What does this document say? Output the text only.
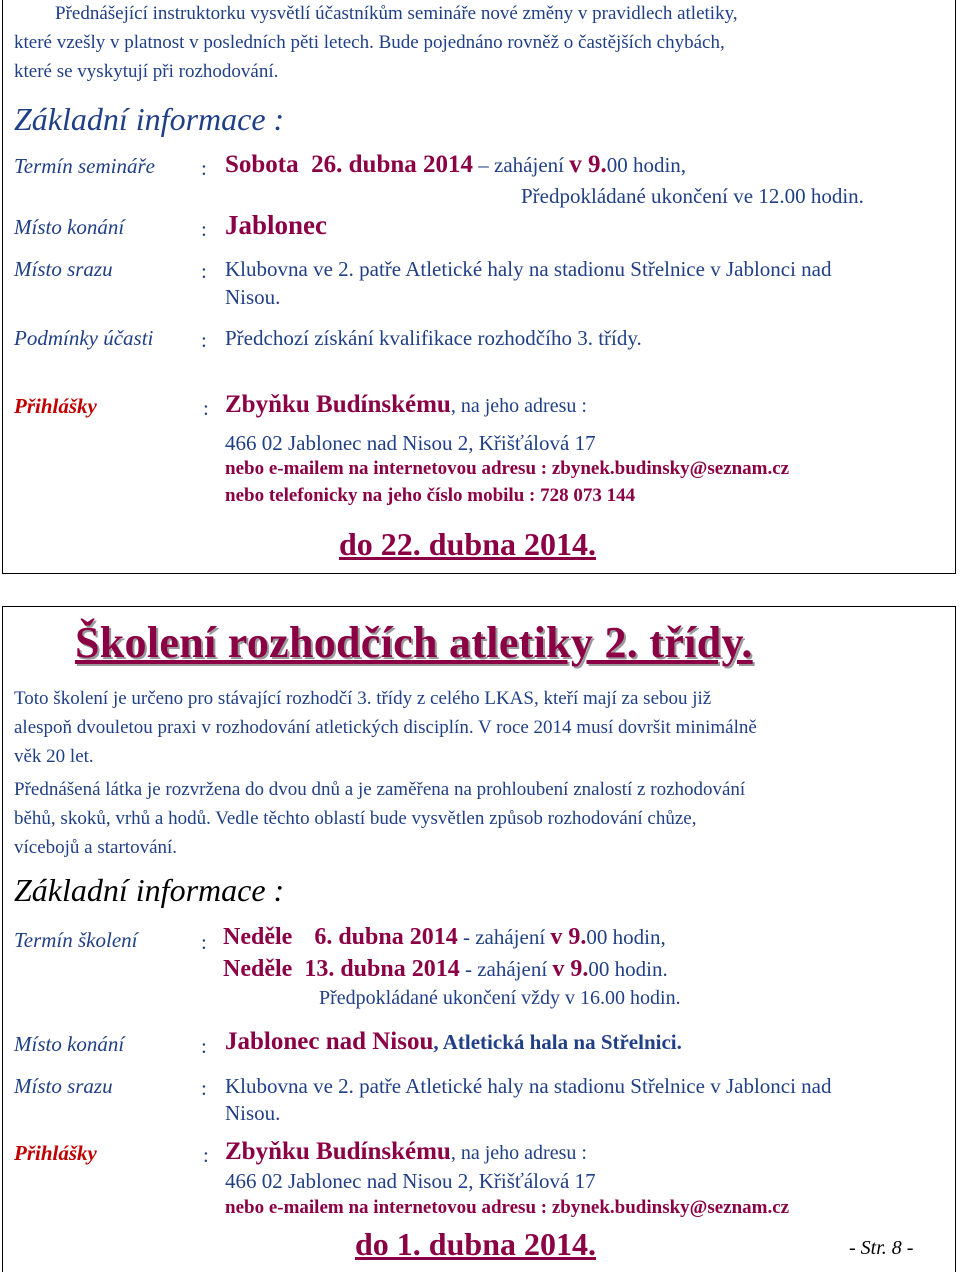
Přednášející instruktorku vysvětlí účastníkům semináře nové změny v pravidlech atletiky,
které vzešly v platnost v posledních pěti letech. Bude pojednáno rovněž o častějších chybách,
které se vyskytují při rozhodování.
Základní informace :
Termín semináře : Sobota 26. dubna 2014 – zahájení v 9.00 hodin,
Předpokládané ukončení ve 12.00 hodin.
Místo konání	: Jablonec
Místo srazu	: Klubovna ve 2. patře Atletické haly na stadionu Střelnice v Jablonci nad
Nisou.
Podmínky účasti : Předchozí získání kvalifikace rozhodčího 3. třídy.
Přihlášky	: Zbyňku Budínskému, na jeho adresu :
466 02 Jablonec nad Nisou 2, Křišťálová 17
nebo e-mailem na internetovou adresu : zbynek.budinsky@seznam.cz
nebo telefonicky na jeho číslo mobilu : 728 073 144
do 22. dubna 2014.
Školení rozhodčích atletiky 2. třídy.
Toto školení je určeno pro stávající rozhodčí 3. třídy z celého LKAS, kteří mají za sebou již
alespoň dvouletou praxi v rozhodování atletických disciplín. V roce 2014 musí dovršit minimálně
věk 20 let.
Přednášená látka je rozvržena do dvou dnů a je zaměřena na prohloubení znalostí z rozhodování
běhů, skoků, vrhů a hodů. Vedle těchto oblastí bude vysvětlen způsob rozhodování chůze,
vícebojů a startování.
Základní informace :
Termín školení	: Neděle 6. dubna 2014 - zahájení v 9.00 hodin,
Neděle 13. dubna 2014 - zahájení v 9.00 hodin.
Předpokládané ukončení vždy v 16.00 hodin.
Místo konání	: Jablonec nad Nisou, Atletická hala na Střelnici.
Místo srazu	: Klubovna ve 2. patře Atletické haly na stadionu Střelnice v Jablonci nad
Nisou.
Přihlášky	: Zbyňku Budínskému, na jeho adresu :
466 02 Jablonec nad Nisou 2, Křišťálová 17
nebo e-mailem na internetovou adresu : zbynek.budinsky@seznam.cz
do 1. dubna 2014.	- Str. 8 -
